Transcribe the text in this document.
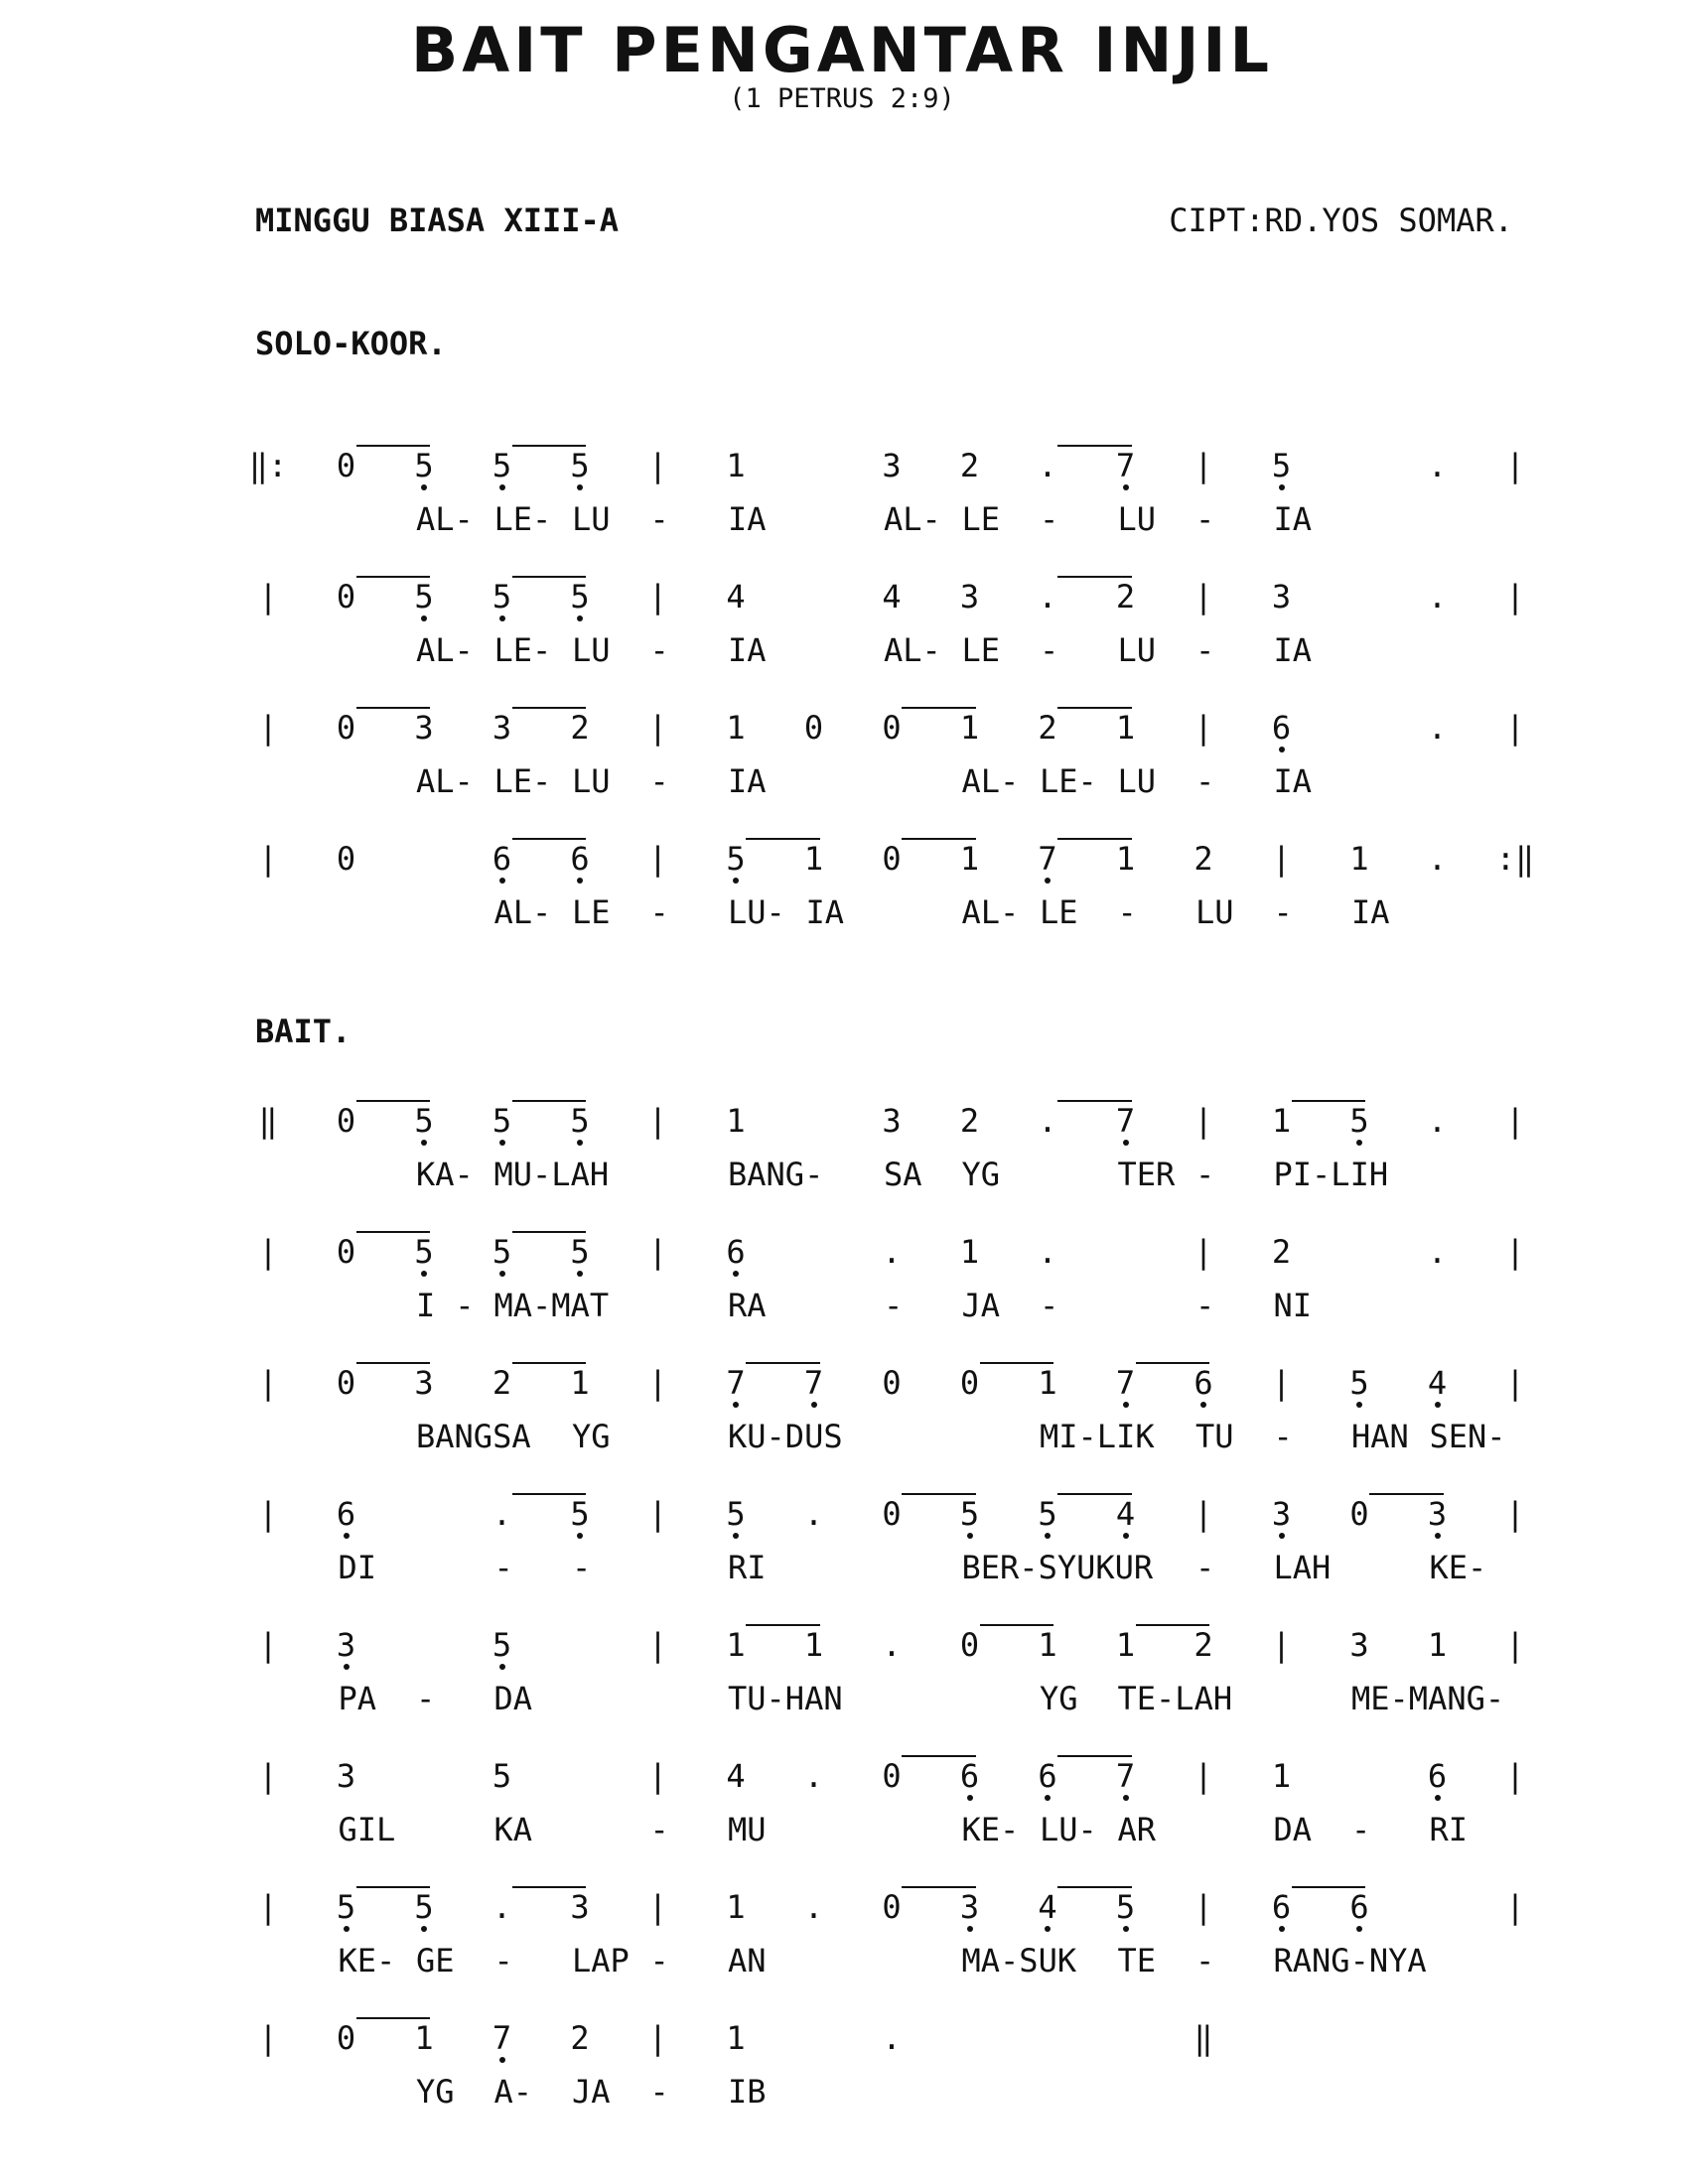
BAIT PENGANTAR INJIL
(1 PETRUS 2:9)
MINGGU BIASA XIII-A	CIPT:RD.YOS SOMAR.
SOLO-KOOR.
BAIT.
‖: 0 5 5 5 | 1	3 2 . 7 | 5	. |
AL- LE- LU - IA	AL- LE - LU - IA
| 0 5 5 5 | 4	4 3 . 2 | 3	. |
AL- LE- LU - IA	AL- LE - LU - IA
| 0 3 3 2 | 1 0 0 1 2 1 | 6	. |
AL- LE- LU - IA	AL- LE- LU - IA
| 0	6 6 | 5 1 0 1 7 1 2 | 1 . :‖
AL- LE - LU- IA	AL- LE - LU - IA
‖ 0 5 5 5 | 1	3 2 . 7 | 1 5 . |
KA- MU-LAH	BANG- SA YG	TER - PI-LIH
| 0 5 5 5 | 6	. 1 .	| 2	. |
I - MA-MAT	RA	- JA -	- NI
| 0 3 2 1 | 7 7 0 0 1 7 6 | 5 4 |
BANGSA YG	KU-DUS	MI-LIK TU - HAN SEN-
| 6	. 5 | 5 . 0 5 5 4 | 3 0 3 |
DI	- -	RI	BER-SYUKUR - LAH	KE-
| 3	5	| 1 1 . 0 1 1 2 | 3 1 |
PA - DA	TU-HAN	YG TE-LAH	ME-MANG-
| 3	5	| 4 . 0 6 6 7 | 1	6 |
GIL	KA	- MU	KE- LU- AR	DA - RI
| 5 5 . 3 | 1 . 0 3 4 5 | 6 6	|
KE- GE - LAP - AN	MA-SUK TE - RANG-NYA
| 0 1 7 2 | 1	.	‖
YG A- JA - IB
